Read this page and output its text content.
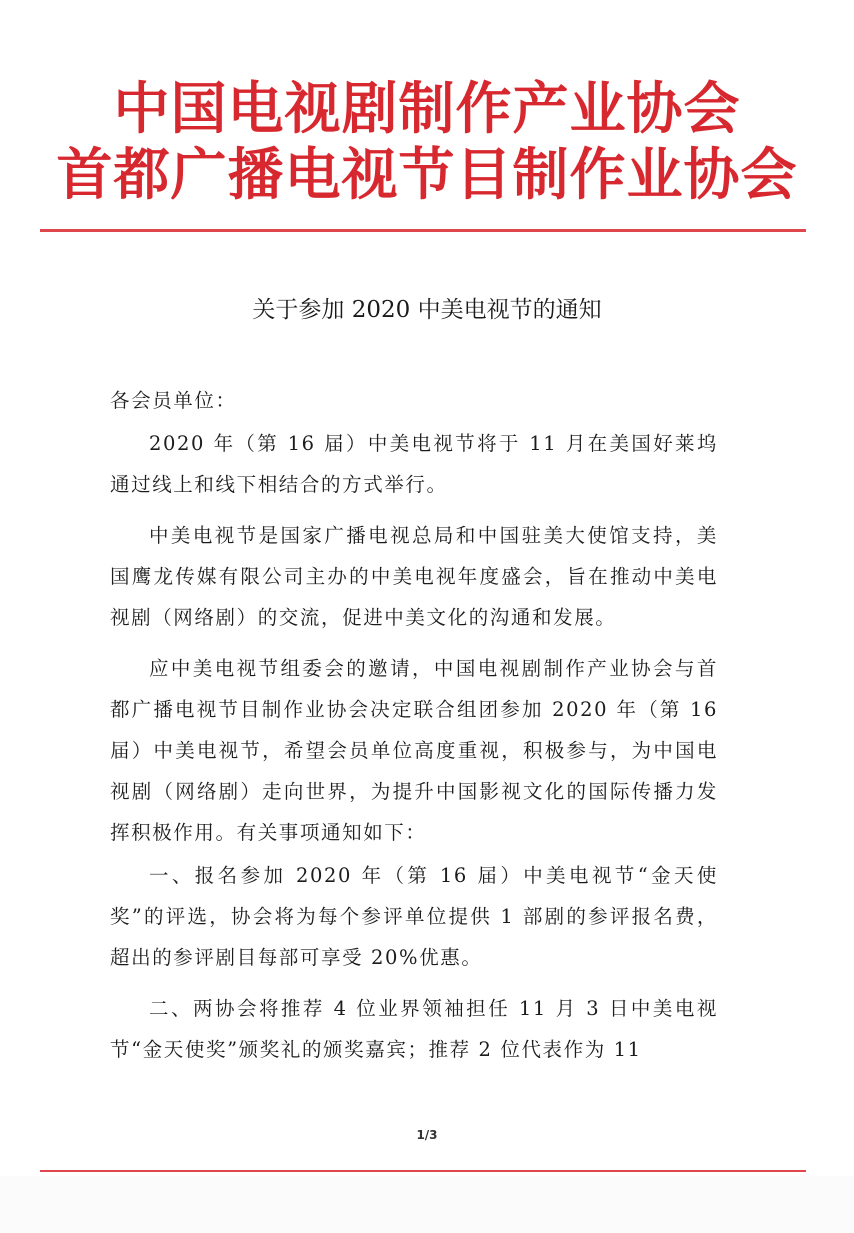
中国电视剧制作产业协会
首都广播电视节目制作业协会
关于参加 2020 中美电视节的通知

各会员单位：

2020 年（第 16 届）中美电视节将于 11 月在美国好莱坞通过线上和线下相结合的方式举行。

中美电视节是国家广播电视总局和中国驻美大使馆支持，美国鹰龙传媒有限公司主办的中美电视年度盛会，旨在推动中美电视剧（网络剧）的交流，促进中美文化的沟通和发展。

应中美电视节组委会的邀请，中国电视剧制作产业协会与首都广播电视节目制作业协会决定联合组团参加 2020 年（第 16 届）中美电视节，希望会员单位高度重视，积极参与，为中国电视剧（网络剧）走向世界，为提升中国影视文化的国际传播力发挥积极作用。有关事项通知如下：

一、报名参加 2020 年（第 16 届）中美电视节“金天使奖”的评选，协会将为每个参评单位提供 1 部剧的参评报名费，超出的参评剧目每部可享受 20%优惠。

二、两协会将推荐 4 位业界领袖担任 11 月 3 日中美电视节“金天使奖”颁奖礼的颁奖嘉宾；推荐 2 位代表作为 11

1/3
